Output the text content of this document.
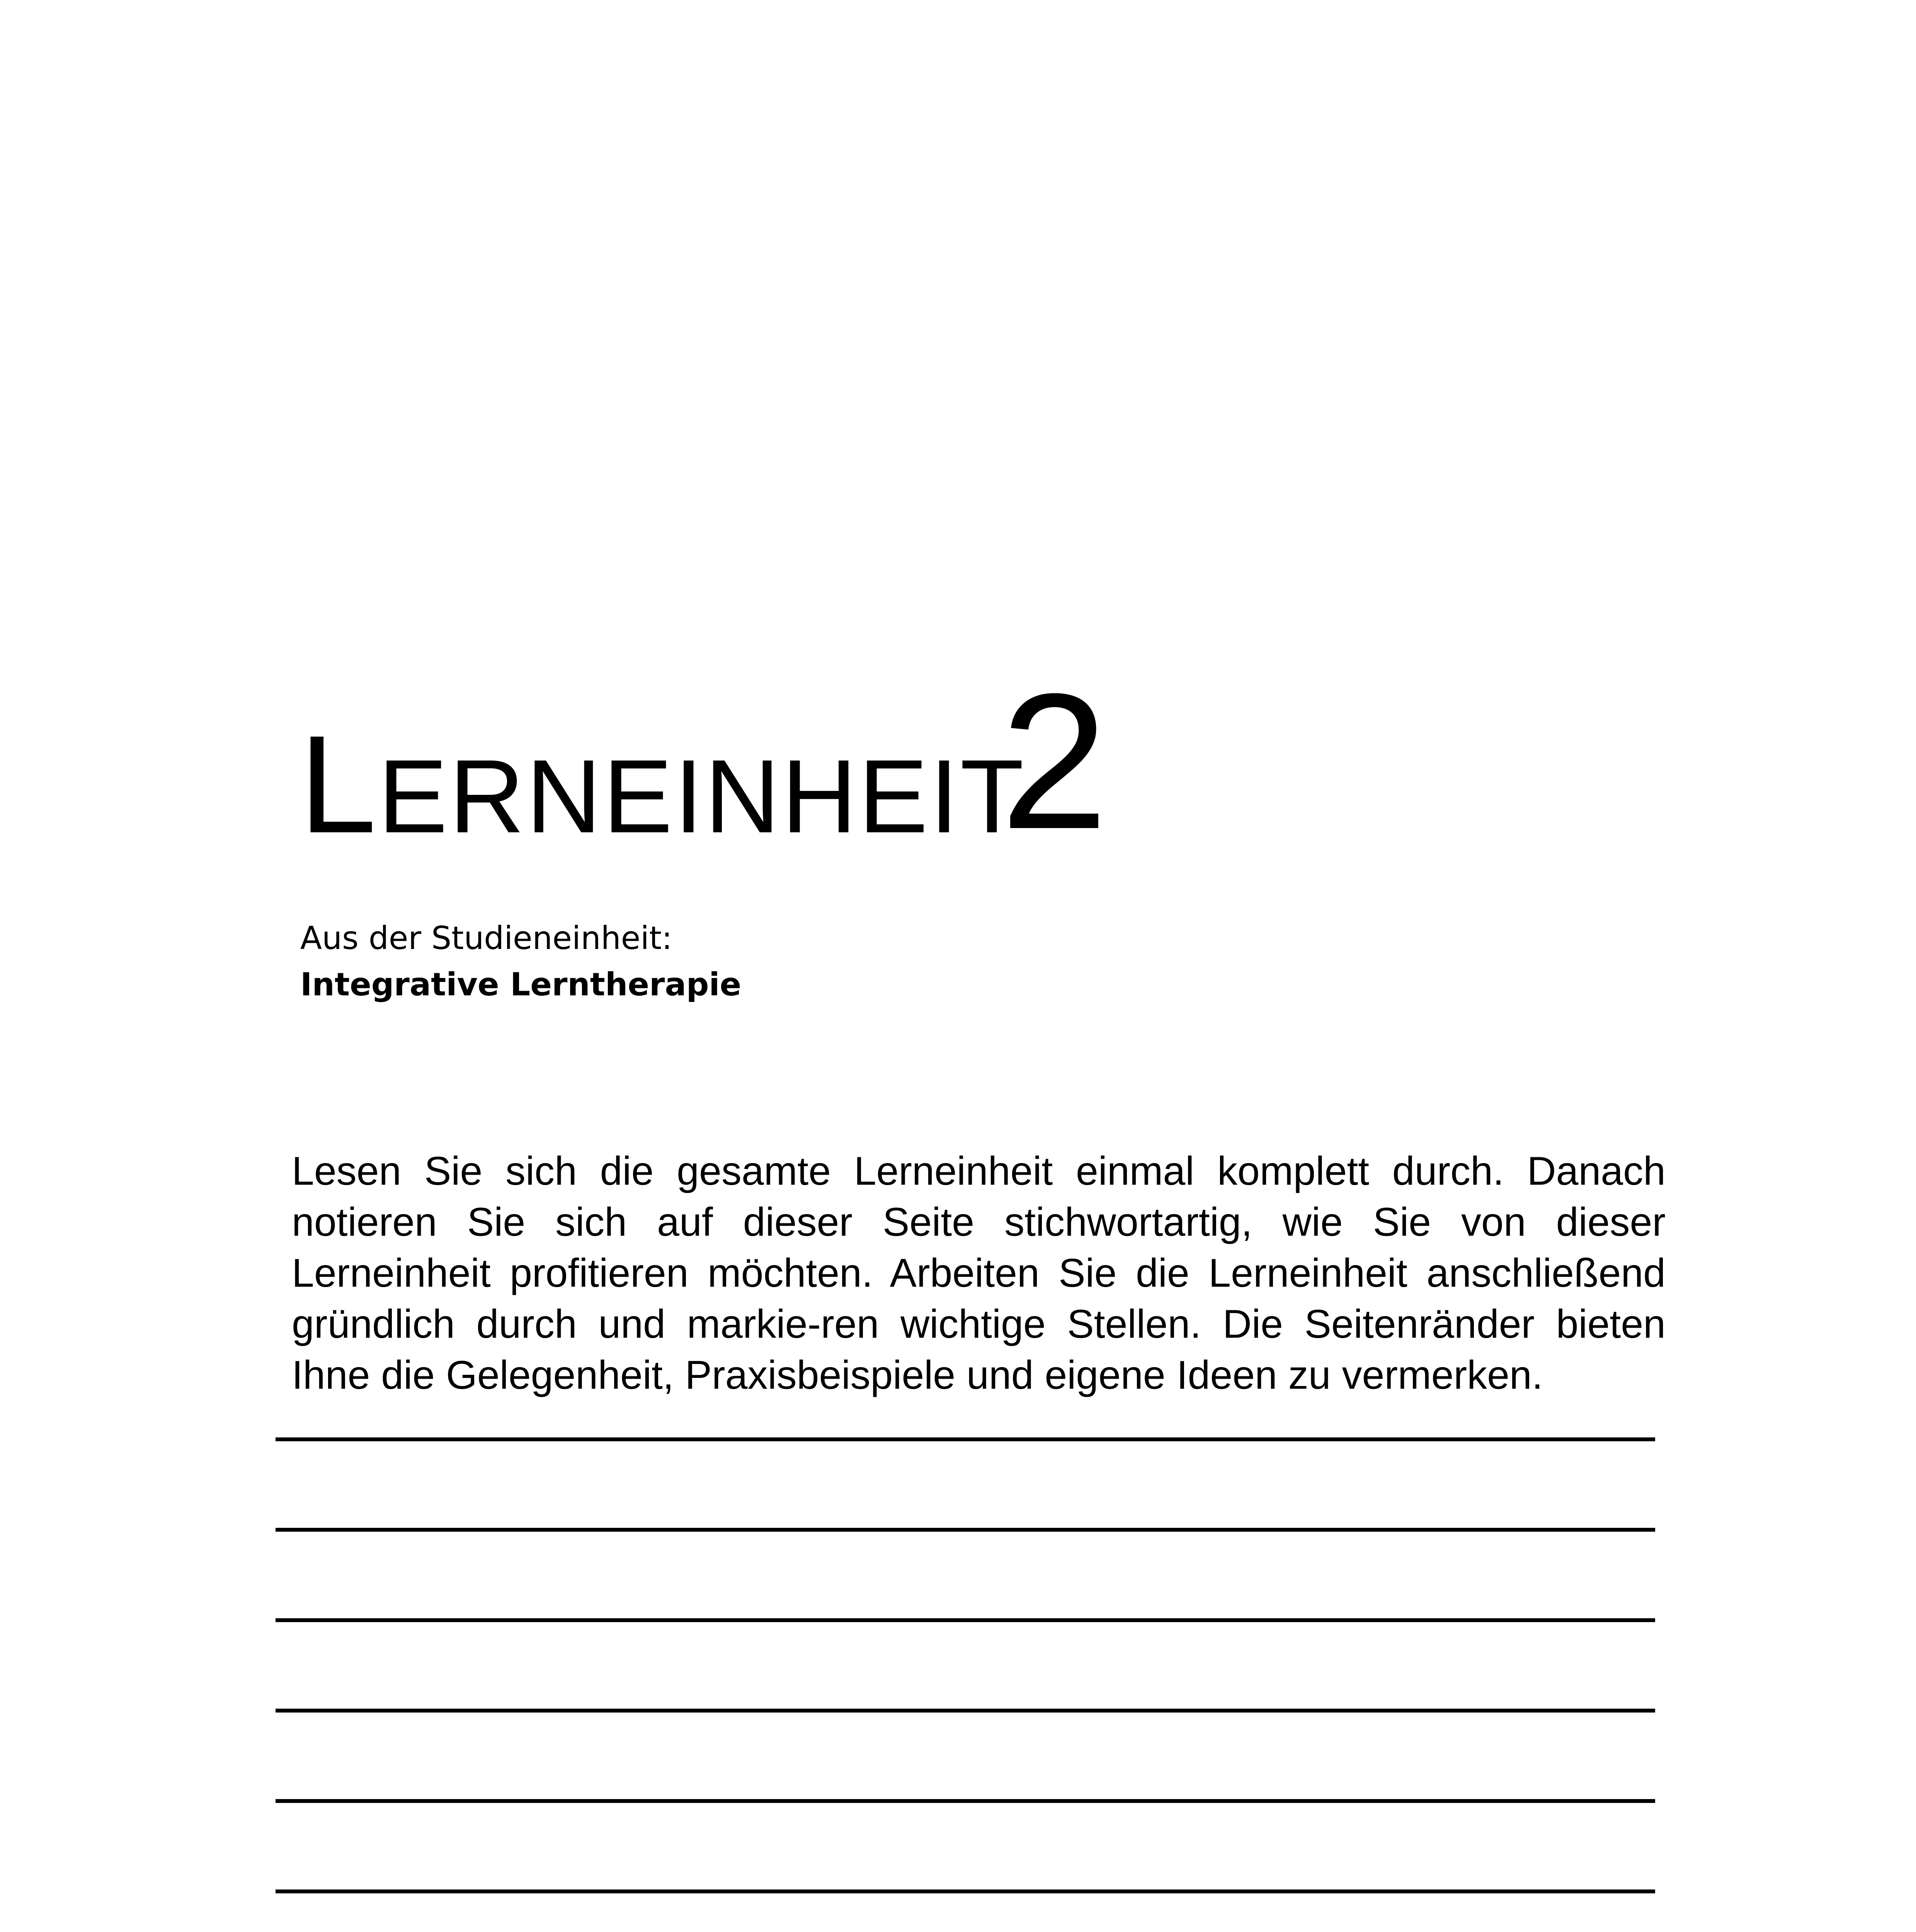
LERNEINHEIT
2
Aus der Studieneinheit:
Integrative Lerntherapie

Lesen Sie sich die gesamte Lerneinheit einmal komplett durch. Danach notieren Sie sich auf dieser Seite stichwortartig, wie Sie von dieser Lerneinheit profitieren möchten. Arbeiten Sie die Lerneinheit anschließend gründlich durch und markie-ren wichtige Stellen. Die Seitenränder bieten Ihne die Gelegenheit, Praxisbeispiele und eigene Ideen zu vermerken.
